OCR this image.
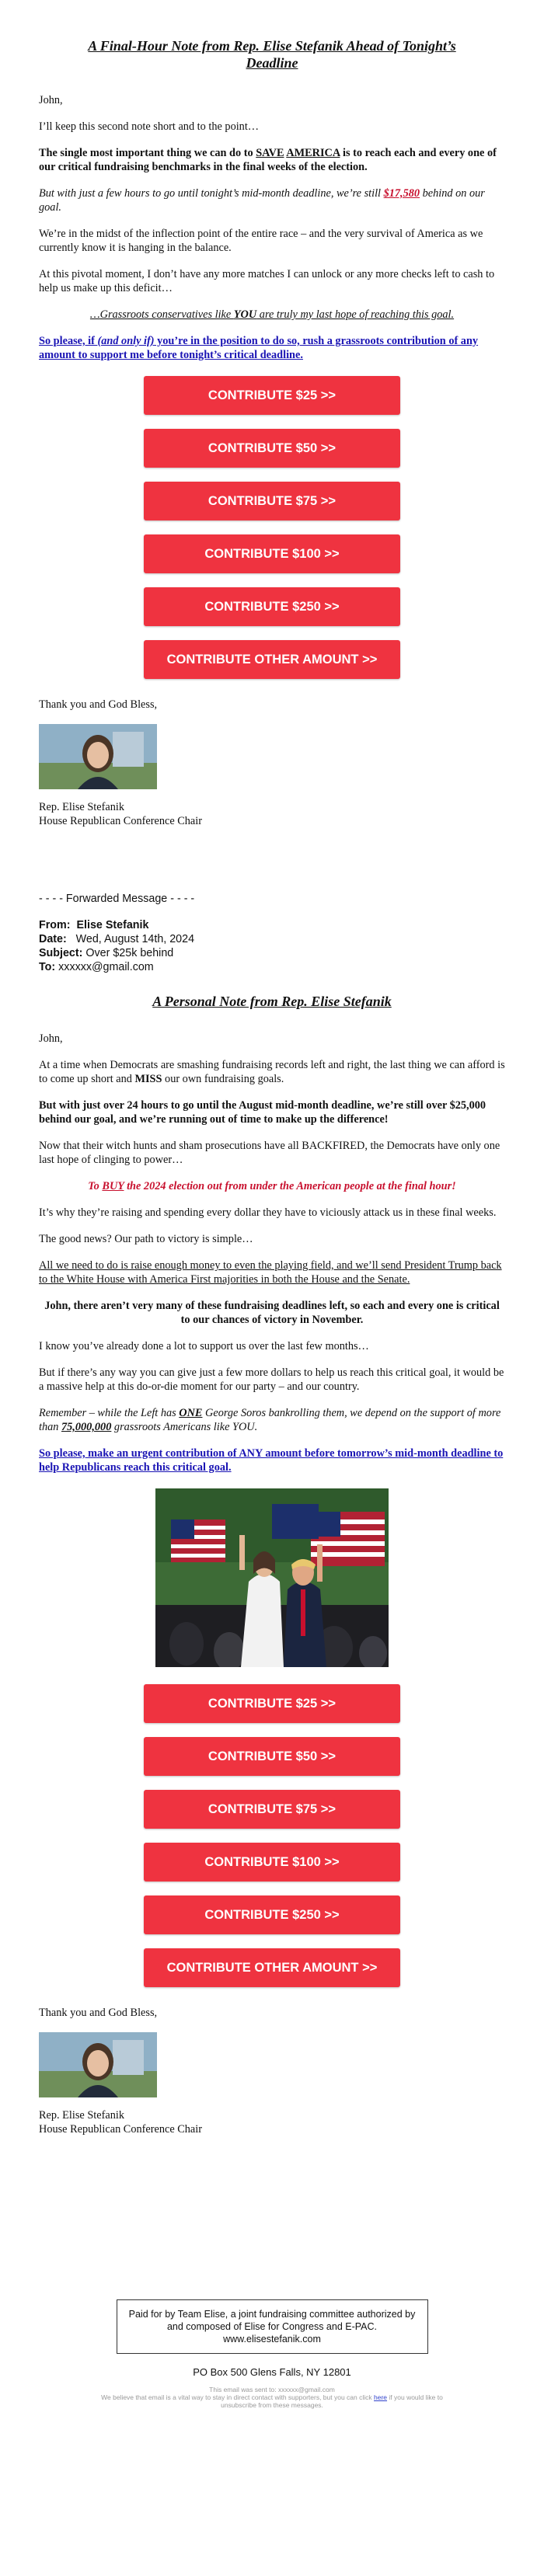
A Final-Hour Note from Rep. Elise Stefanik Ahead of Tonight’s Deadline

John,

I’ll keep this second note short and to the point…

The single most important thing we can do to SAVE AMERICA is to reach each and every one of our critical fundraising benchmarks in the final weeks of the election.

But with just a few hours to go until tonight’s mid-month deadline, we’re still $17,580 behind on our goal.

We’re in the midst of the inflection point of the entire race – and the very survival of America as we currently know it is hanging in the balance.

At this pivotal moment, I don’t have any more matches I can unlock or any more checks left to cash to help us make up this deficit…

…Grassroots conservatives like YOU are truly my last hope of reaching this goal.

So please, if (and only if) you’re in the position to do so, rush a grassroots contribution of any amount to support me before tonight’s critical deadline.

CONTRIBUTE $25 >>
CONTRIBUTE $50 >>
CONTRIBUTE $75 >>
CONTRIBUTE $100 >>
CONTRIBUTE $250 >>
CONTRIBUTE OTHER AMOUNT >>

Thank you and God Bless,

Rep. Elise Stefanik

House Republican Conference Chair

- - - - Forwarded Message - - - -

From: Elise Stefanik

Date: Wed, August 14th, 2024

Subject: Over $25k behind

To: xxxxxx@gmail.com

A Personal Note from Rep. Elise Stefanik

John,

At a time when Democrats are smashing fundraising records left and right, the last thing we can afford is to come up short and MISS our own fundraising goals.

But with just over 24 hours to go until the August mid-month deadline, we’re still over $25,000 behind our goal, and we’re running out of time to make up the difference!

Now that their witch hunts and sham prosecutions have all BACKFIRED, the Democrats have only one last hope of clinging to power…

To BUY the 2024 election out from under the American people at the final hour!

It’s why they’re raising and spending every dollar they have to viciously attack us in these final weeks.

The good news? Our path to victory is simple…

All we need to do is raise enough money to even the playing field, and we’ll send President Trump back to the White House with America First majorities in both the House and the Senate.

John, there aren’t very many of these fundraising deadlines left, so each and every one is critical to our chances of victory in November.

I know you’ve already done a lot to support us over the last few months…

But if there’s any way you can give just a few more dollars to help us reach this critical goal, it would be a massive help at this do-or-die moment for our party – and our country.

Remember – while the Left has ONE George Soros bankrolling them, we depend on the support of more than 75,000,000 grassroots Americans like YOU.

So please, make an urgent contribution of ANY amount before tomorrow’s mid-month deadline to help Republicans reach this critical goal.

CONTRIBUTE $25 >>
CONTRIBUTE $50 >>
CONTRIBUTE $75 >>
CONTRIBUTE $100 >>
CONTRIBUTE $250 >>
CONTRIBUTE OTHER AMOUNT >>

Thank you and God Bless,

Rep. Elise Stefanik

House Republican Conference Chair

Paid for by Team Elise, a joint fundraising committee authorized by and composed of Elise for Congress and E-PAC. www.elisestefanik.com
PO Box 500 Glens Falls, NY 12801
This email was sent to: xxxxxx@gmail.com
We believe that email is a vital way to stay in direct contact with supporters, but you can click here if you would like to unsubscribe from these messages.
